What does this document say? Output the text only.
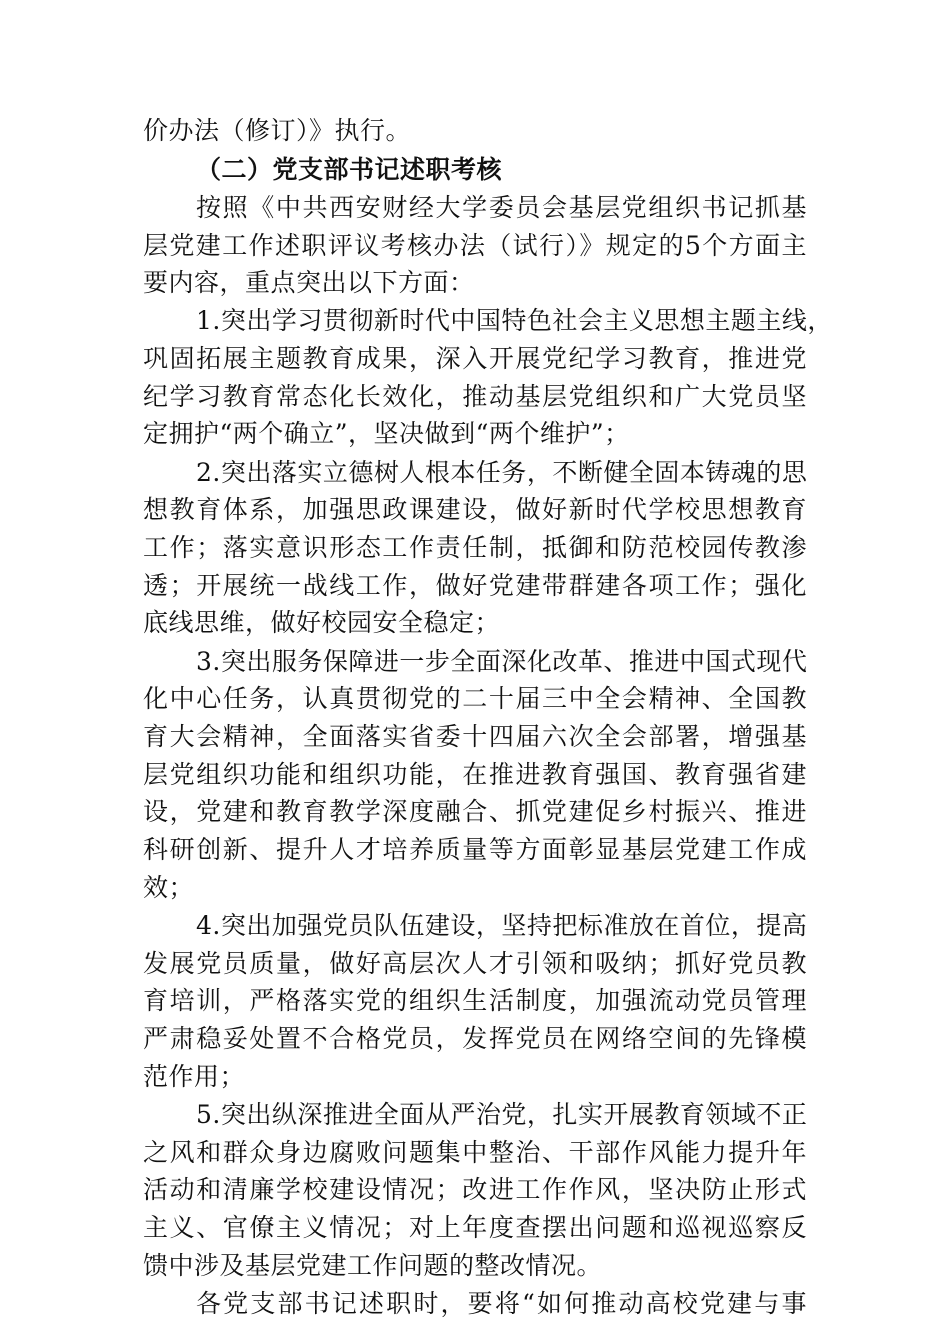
价办法（修订）》执行。
（二）党支部书记述职考核
按照《中共西安财经大学委员会基层党组织书记抓基
层党建工作述职评议考核办法（试行）》规定的5个方面主
要内容，重点突出以下方面：
1.突出学习贯彻新时代中国特色社会主义思想主题主线，
巩固拓展主题教育成果，深入开展党纪学习教育，推进党
纪学习教育常态化长效化，推动基层党组织和广大党员坚
定拥护“两个确立”，坚决做到“两个维护”；
2.突出落实立德树人根本任务，不断健全固本铸魂的思
想教育体系，加强思政课建设，做好新时代学校思想教育
工作；落实意识形态工作责任制，抵御和防范校园传教渗
透；开展统一战线工作，做好党建带群建各项工作；强化
底线思维，做好校园安全稳定；
3.突出服务保障进一步全面深化改革、推进中国式现代
化中心任务，认真贯彻党的二十届三中全会精神、全国教
育大会精神，全面落实省委十四届六次全会部署，增强基
层党组织功能和组织功能，在推进教育强国、教育强省建
设，党建和教育教学深度融合、抓党建促乡村振兴、推进
科研创新、提升人才培养质量等方面彰显基层党建工作成
效；
4.突出加强党员队伍建设，坚持把标准放在首位，提高
发展党员质量，做好高层次人才引领和吸纳；抓好党员教
育培训，严格落实党的组织生活制度，加强流动党员管理
严肃稳妥处置不合格党员，发挥党员在网络空间的先锋模
范作用；
5.突出纵深推进全面从严治党，扎实开展教育领域不正
之风和群众身边腐败问题集中整治、干部作风能力提升年
活动和清廉学校建设情况；改进工作作风，坚决防止形式
主义、官僚主义情况；对上年度查摆出问题和巡视巡察反
馈中涉及基层党建工作问题的整改情况。
各党支部书记述职时，要将“如何推动高校党建与事
